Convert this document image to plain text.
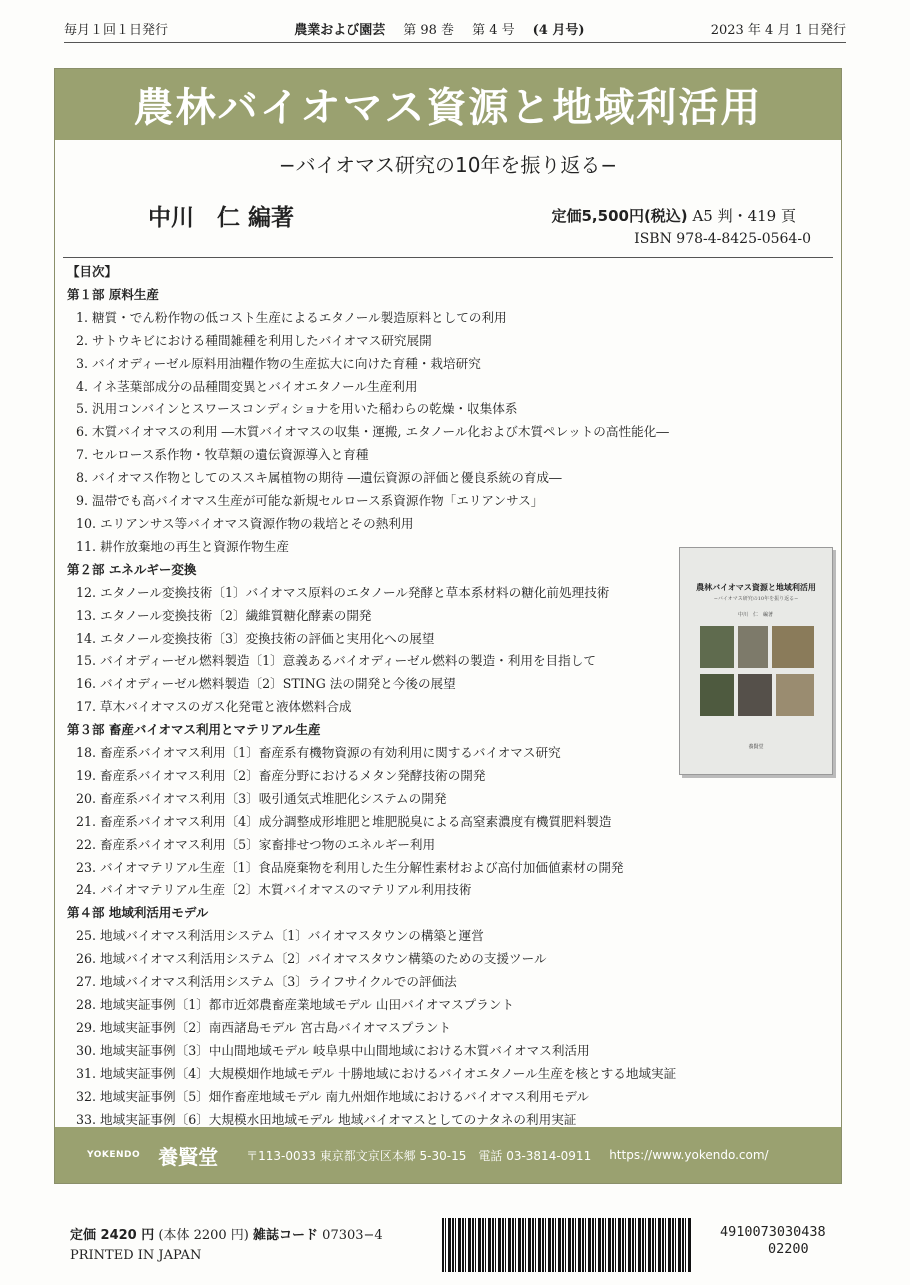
毎月１回１日発行	農業および園芸 第 98 巻 第 4 号 (4 月号)	2023 年 4 月 1 日発行
農林バイオマス資源と地域利活用
−バイオマス研究の10年を振り返る−
中川　仁 編著	定価5,500円(税込) A5 判・419 頁
ISBN 978-4-8425-0564-0
【目次】
第１部 原料生産
1. 糖質・でん粉作物の低コスト生産によるエタノール製造原料としての利用
2. サトウキビにおける種間雑種を利用したバイオマス研究展開
3. バイオディーゼル原料用油糧作物の生産拡大に向けた育種・栽培研究
4. イネ茎葉部成分の品種間変異とバイオエタノール生産利用
5. 汎用コンバインとスワースコンディショナを用いた稲わらの乾燥・収集体系
6. 木質バイオマスの利用 ―木質バイオマスの収集・運搬, エタノール化および木質ペレットの高性能化―
7. セルロース系作物・牧草類の遺伝資源導入と育種
8. バイオマス作物としてのススキ属植物の期待 ―遺伝資源の評価と優良系統の育成―
9. 温帯でも高バイオマス生産が可能な新規セルロース系資源作物「エリアンサス」
10. エリアンサス等バイオマス資源作物の栽培とその熱利用
11. 耕作放棄地の再生と資源作物生産
第２部 エネルギー変換
12. エタノール変換技術〔1〕バイオマス原料のエタノール発酵と草本系材料の糖化前処理技術
13. エタノール変換技術〔2〕繊維質糖化酵素の開発
14. エタノール変換技術〔3〕変換技術の評価と実用化への展望
15. バイオディーゼル燃料製造〔1〕意義あるバイオディーゼル燃料の製造・利用を目指して
16. バイオディーゼル燃料製造〔2〕STING 法の開発と今後の展望
17. 草木バイオマスのガス化発電と液体燃料合成
第３部 畜産バイオマス利用とマテリアル生産
18. 畜産系バイオマス利用〔1〕畜産系有機物資源の有効利用に関するバイオマス研究
19. 畜産系バイオマス利用〔2〕畜産分野におけるメタン発酵技術の開発
20. 畜産系バイオマス利用〔3〕吸引通気式堆肥化システムの開発
21. 畜産系バイオマス利用〔4〕成分調整成形堆肥と堆肥脱臭による高窒素濃度有機質肥料製造
22. 畜産系バイオマス利用〔5〕家畜排せつ物のエネルギー利用
23. バイオマテリアル生産〔1〕食品廃棄物を利用した生分解性素材および高付加価値素材の開発
24. バイオマテリアル生産〔2〕木質バイオマスのマテリアル利用技術
第４部 地域利活用モデル
25. 地域バイオマス利活用システム〔1〕バイオマスタウンの構築と運営
26. 地域バイオマス利活用システム〔2〕バイオマスタウン構築のための支援ツール
27. 地域バイオマス利活用システム〔3〕ライフサイクルでの評価法
28. 地域実証事例〔1〕都市近郊農畜産業地域モデル 山田バイオマスプラント
29. 地域実証事例〔2〕南西諸島モデル 宮古島バイオマスプラント
30. 地域実証事例〔3〕中山間地域モデル 岐阜県中山間地域における木質バイオマス利活用
31. 地域実証事例〔4〕大規模畑作地域モデル 十勝地域におけるバイオエタノール生産を核とする地域実証
32. 地域実証事例〔5〕畑作畜産地域モデル 南九州畑作地域におけるバイオマス利用モデル
33. 地域実証事例〔6〕大規模水田地域モデル 地域バイオマスとしてのナタネの利用実証
農林バイオマス資源と地域利活用
−バイオマス研究の10年を振り返る−
中川　仁　編著
養賢堂
YOKENDO 養賢堂 〒113-0033 東京都文京区本郷 5-30-15 電話 03-3814-0911 https://www.yokendo.com/
定価 2420 円 (本体 2200 円) 雑誌コード 07303−4
PRINTED IN JAPAN
4910073030438
02200
